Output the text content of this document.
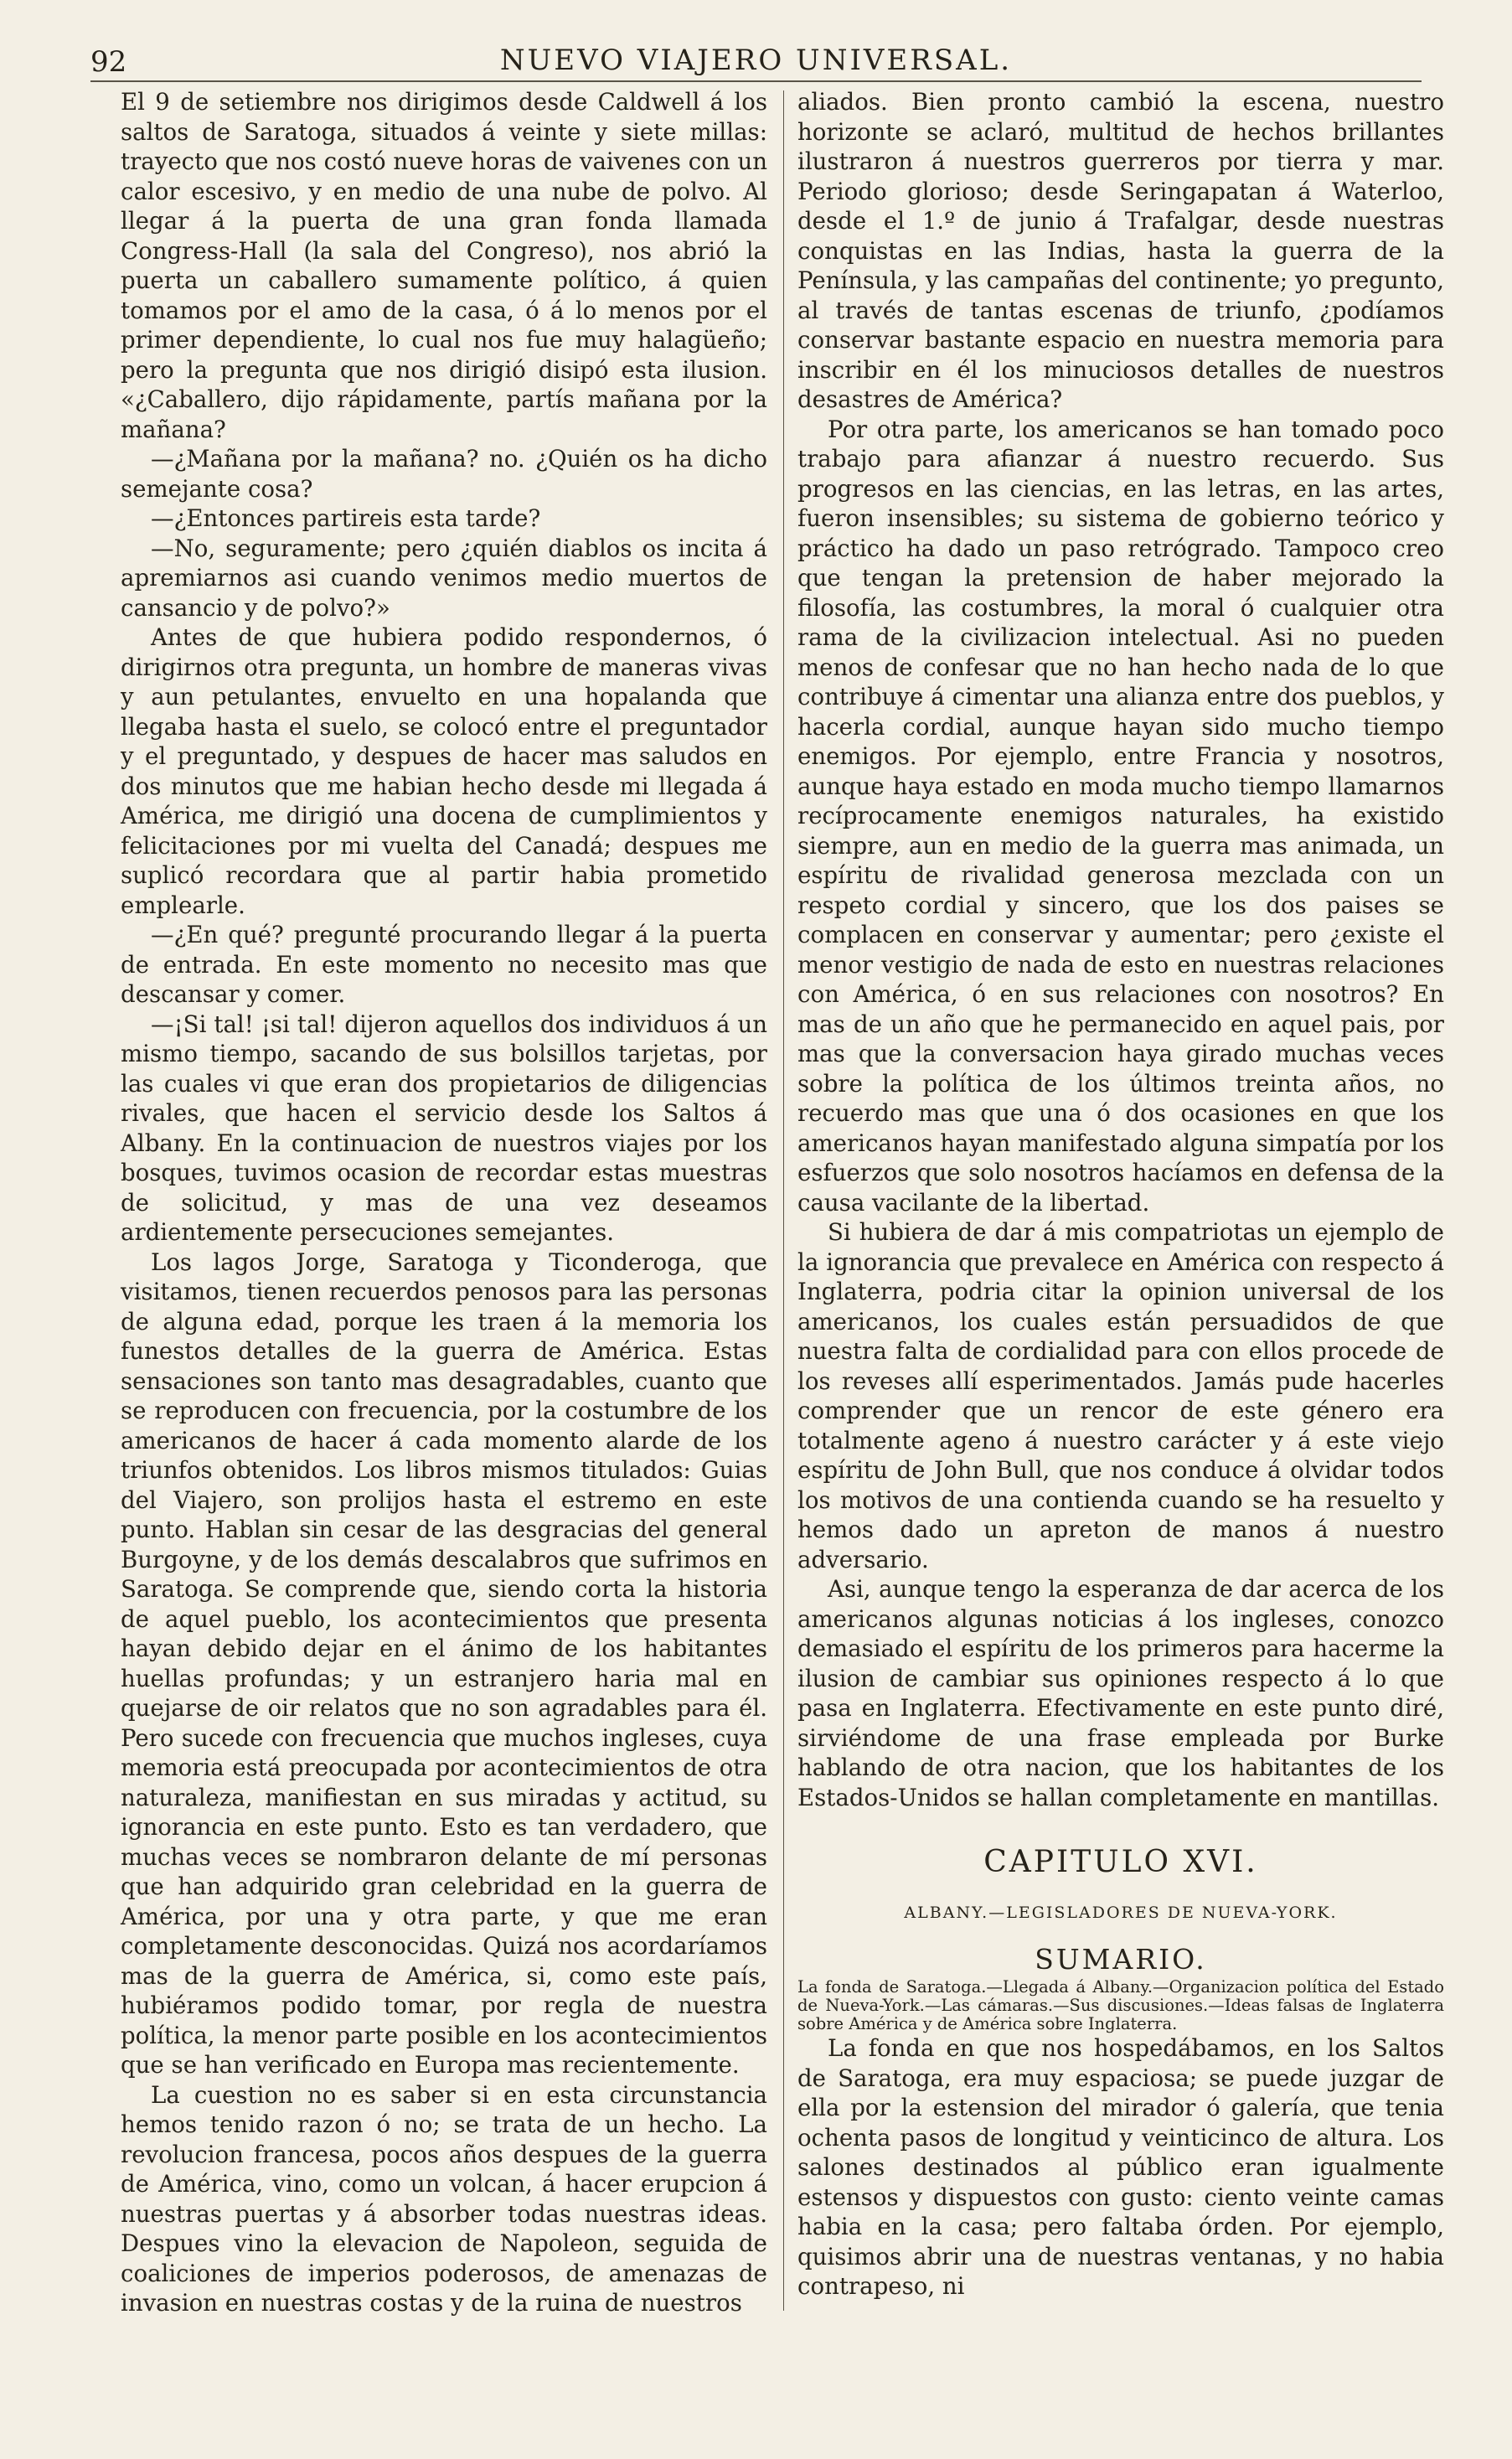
92	NUEVO VIAJERO UNIVERSAL.

El 9 de setiembre nos dirigimos desde Caldwell á los saltos de Saratoga, situados á veinte y siete millas: trayecto que nos costó nueve horas de vaivenes con un calor escesivo, y en medio de una nube de polvo. Al llegar á la puerta de una gran fonda llamada Congress-Hall (la sala del Congreso), nos abrió la puerta un caballero sumamente político, á quien tomamos por el amo de la casa, ó á lo menos por el primer dependiente, lo cual nos fue muy halagüeño; pero la pregunta que nos dirigió disipó esta ilusion. «¿Caballero, dijo rápidamente, partís mañana por la mañana?

—¿Mañana por la mañana? no. ¿Quién os ha dicho semejante cosa?

—¿Entonces partireis esta tarde?

—No, seguramente; pero ¿quién diablos os incita á apremiarnos asi cuando venimos medio muertos de cansancio y de polvo?»

Antes de que hubiera podido respondernos, ó dirigirnos otra pregunta, un hombre de maneras vivas y aun petulantes, envuelto en una hopalanda que llegaba hasta el suelo, se colocó entre el preguntador y el preguntado, y despues de hacer mas saludos en dos minutos que me habian hecho desde mi llegada á América, me dirigió una docena de cumplimientos y felicitaciones por mi vuelta del Canadá; despues me suplicó recordara que al partir habia prometido emplearle.

—¿En qué? pregunté procurando llegar á la puerta de entrada. En este momento no necesito mas que descansar y comer.

—¡Si tal! ¡si tal! dijeron aquellos dos individuos á un mismo tiempo, sacando de sus bolsillos tarjetas, por las cuales vi que eran dos propietarios de diligencias rivales, que hacen el servicio desde los Saltos á Albany. En la continuacion de nuestros viajes por los bosques, tuvimos ocasion de recordar estas muestras de solicitud, y mas de una vez deseamos ardientemente persecuciones semejantes.

Los lagos Jorge, Saratoga y Ticonderoga, que visitamos, tienen recuerdos penosos para las personas de alguna edad, porque les traen á la memoria los funestos detalles de la guerra de América. Estas sensaciones son tanto mas desagradables, cuanto que se reproducen con frecuencia, por la costumbre de los americanos de hacer á cada momento alarde de los triunfos obtenidos. Los libros mismos titulados: Guias del Viajero, son prolijos hasta el estremo en este punto. Hablan sin cesar de las desgracias del general Burgoyne, y de los demás descalabros que sufrimos en Saratoga. Se comprende que, siendo corta la historia de aquel pueblo, los acontecimientos que presenta hayan debido dejar en el ánimo de los habitantes huellas profundas; y un estranjero haria mal en quejarse de oir relatos que no son agradables para él. Pero sucede con frecuencia que muchos ingleses, cuya memoria está preocupada por acontecimientos de otra naturaleza, manifiestan en sus miradas y actitud, su ignorancia en este punto. Esto es tan verdadero, que muchas veces se nombraron delante de mí personas que han adquirido gran celebridad en la guerra de América, por una y otra parte, y que me eran completamente desconocidas. Quizá nos acordaríamos mas de la guerra de América, si, como este país, hubiéramos podido tomar, por regla de nuestra política, la menor parte posible en los acontecimientos que se han verificado en Europa mas recientemente.

La cuestion no es saber si en esta circunstancia hemos tenido razon ó no; se trata de un hecho. La revolucion francesa, pocos años despues de la guerra de América, vino, como un volcan, á hacer erupcion á nuestras puertas y á absorber todas nuestras ideas. Despues vino la elevacion de Napoleon, seguida de coaliciones de imperios poderosos, de amenazas de invasion en nuestras costas y de la ruina de nuestros

aliados. Bien pronto cambió la escena, nuestro horizonte se aclaró, multitud de hechos brillantes ilustraron á nuestros guerreros por tierra y mar. Periodo glorioso; desde Seringapatan á Waterloo, desde el 1.º de junio á Trafalgar, desde nuestras conquistas en las Indias, hasta la guerra de la Península, y las campañas del continente; yo pregunto, al través de tantas escenas de triunfo, ¿podíamos conservar bastante espacio en nuestra memoria para inscribir en él los minuciosos detalles de nuestros desastres de América?

Por otra parte, los americanos se han tomado poco trabajo para afianzar á nuestro recuerdo. Sus progresos en las ciencias, en las letras, en las artes, fueron insensibles; su sistema de gobierno teórico y práctico ha dado un paso retrógrado. Tampoco creo que tengan la pretension de haber mejorado la filosofía, las costumbres, la moral ó cualquier otra rama de la civilizacion intelectual. Asi no pueden menos de confesar que no han hecho nada de lo que contribuye á cimentar una alianza entre dos pueblos, y hacerla cordial, aunque hayan sido mucho tiempo enemigos. Por ejemplo, entre Francia y nosotros, aunque haya estado en moda mucho tiempo llamarnos recíprocamente enemigos naturales, ha existido siempre, aun en medio de la guerra mas animada, un espíritu de rivalidad generosa mezclada con un respeto cordial y sincero, que los dos paises se complacen en conservar y aumentar; pero ¿existe el menor vestigio de nada de esto en nuestras relaciones con América, ó en sus relaciones con nosotros? En mas de un año que he permanecido en aquel pais, por mas que la conversacion haya girado muchas veces sobre la política de los últimos treinta años, no recuerdo mas que una ó dos ocasiones en que los americanos hayan manifestado alguna simpatía por los esfuerzos que solo nosotros hacíamos en defensa de la causa vacilante de la libertad.

Si hubiera de dar á mis compatriotas un ejemplo de la ignorancia que prevalece en América con respecto á Inglaterra, podria citar la opinion universal de los americanos, los cuales están persuadidos de que nuestra falta de cordialidad para con ellos procede de los reveses allí esperimentados. Jamás pude hacerles comprender que un rencor de este género era totalmente ageno á nuestro carácter y á este viejo espíritu de John Bull, que nos conduce á olvidar todos los motivos de una contienda cuando se ha resuelto y hemos dado un apreton de manos á nuestro adversario.

Asi, aunque tengo la esperanza de dar acerca de los americanos algunas noticias á los ingleses, conozco demasiado el espíritu de los primeros para hacerme la ilusion de cambiar sus opiniones respecto á lo que pasa en Inglaterra. Efectivamente en este punto diré, sirviéndome de una frase empleada por Burke hablando de otra nacion, que los habitantes de los Estados-Unidos se hallan completamente en mantillas.

CAPITULO XVI.
ALBANY.—LEGISLADORES DE NUEVA-YORK.
SUMARIO.

La fonda de Saratoga.—Llegada á Albany.—Organizacion política del Estado de Nueva-York.—Las cámaras.—Sus discusiones.—Ideas falsas de Inglaterra sobre América y de América sobre Inglaterra.

La fonda en que nos hospedábamos, en los Saltos de Saratoga, era muy espaciosa; se puede juzgar de ella por la estension del mirador ó galería, que tenia ochenta pasos de longitud y veinticinco de altura. Los salones destinados al público eran igualmente estensos y dispuestos con gusto: ciento veinte camas habia en la casa; pero faltaba órden. Por ejemplo, quisimos abrir una de nuestras ventanas, y no habia contrapeso, ni
